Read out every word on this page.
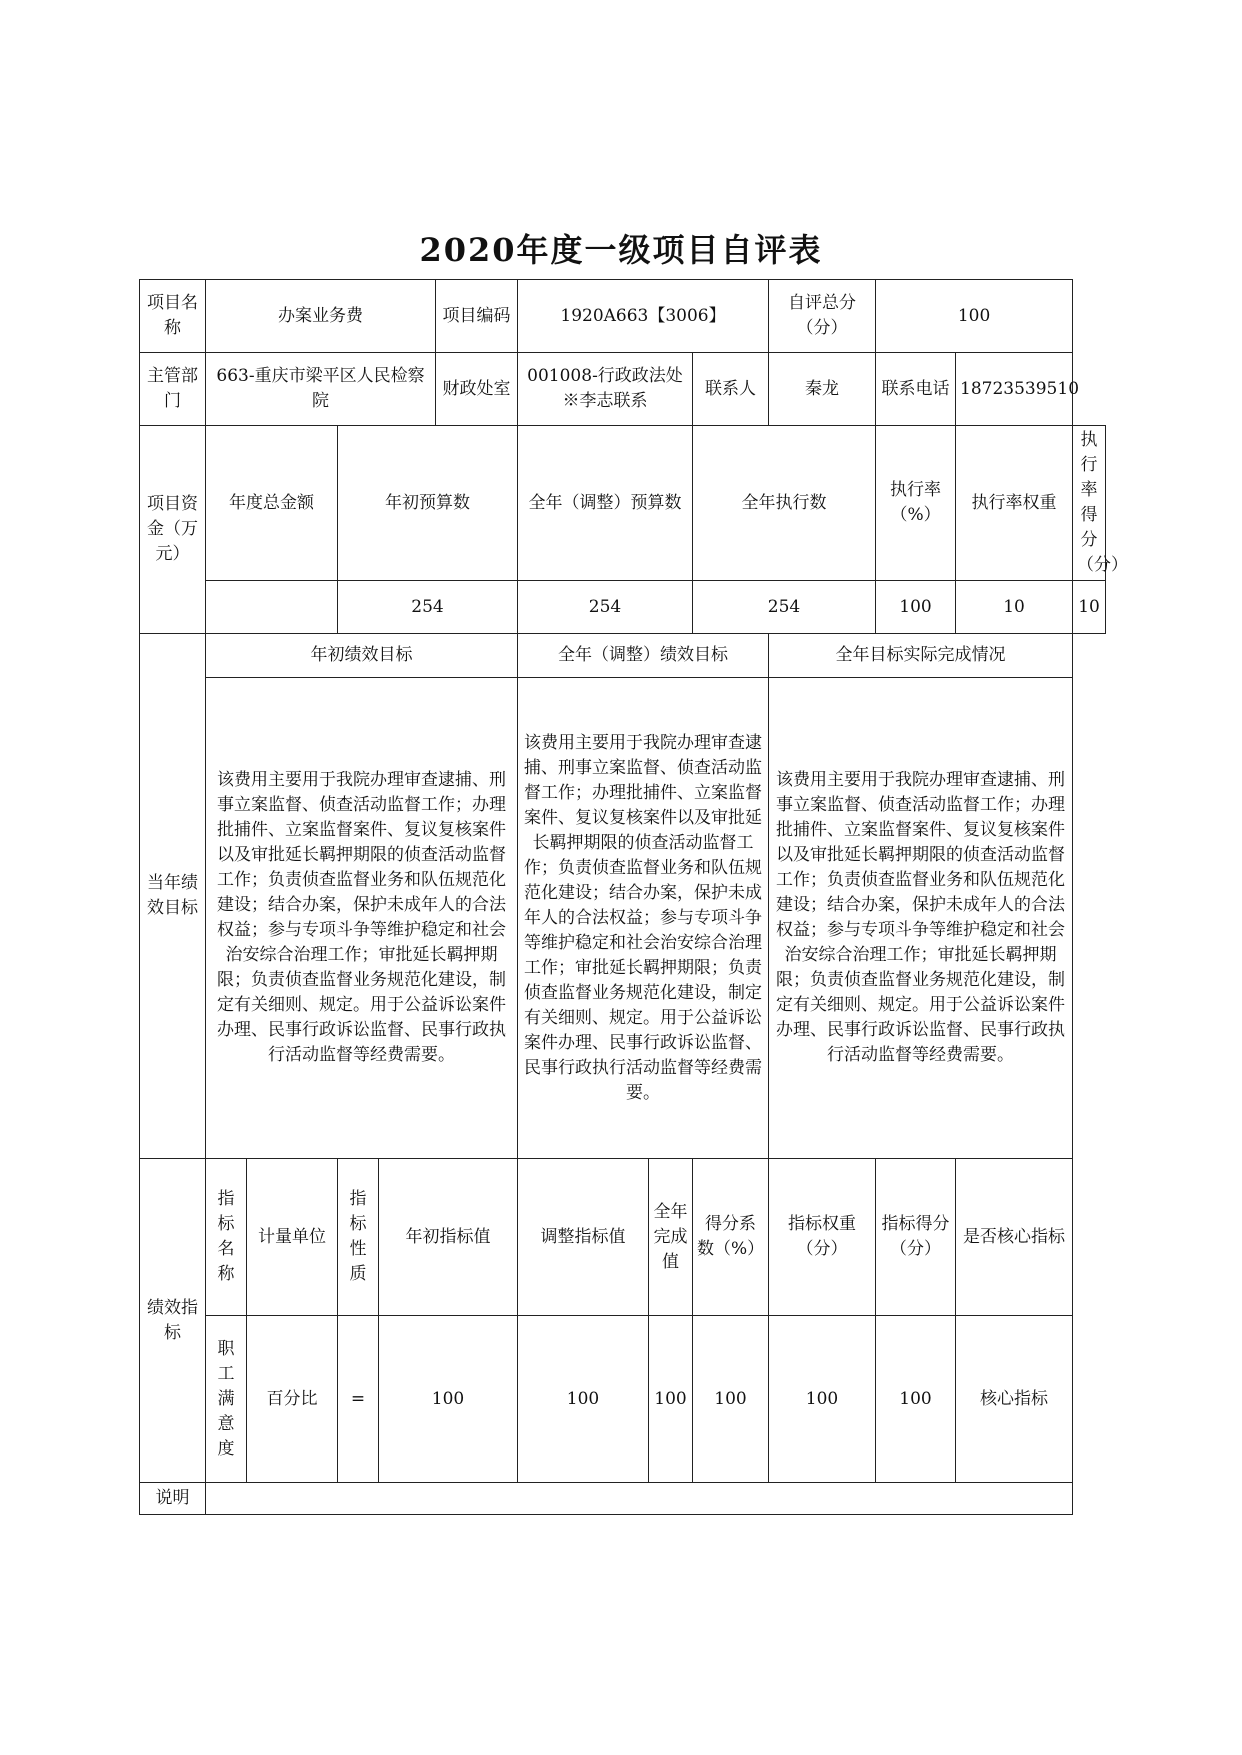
2020年度一级项目自评表
项目名称	办案业务费				项目编码	1920A663【3006】			自评总分（分）	100		
主管部门	663-重庆市梁平区人民检察院				财政处室	001008-行政政法处※李志联系		联系人	秦龙	联系电话	18723539510	
项目资金（万元）	年度总金额		年初预算数			全年（调整）预算数		全年执行数		执行率（%）	执行率权重	执行率得分（分）
			254			254		254		100	10	10
当年绩效目标	年初绩效目标					全年（调整）绩效目标			全年目标实际完成情况			
	该费用主要用于我院办理审查逮捕、刑事立案监督、侦查活动监督工作；办理批捕件、立案监督案件、复议复核案件以及审批延长羁押期限的侦查活动监督工作；负责侦查监督业务和队伍规范化建设；结合办案，保护未成年人的合法权益；参与专项斗争等维护稳定和社会治安综合治理工作；审批延长羁押期限；负责侦查监督业务规范化建设，制定有关细则、规定。用于公益诉讼案件办理、民事行政诉讼监督、民事行政执行活动监督等经费需要。					该费用主要用于我院办理审查逮捕、刑事立案监督、侦查活动监督工作；办理批捕件、立案监督案件、复议复核案件以及审批延长羁押期限的侦查活动监督工作；负责侦查监督业务和队伍规范化建设；结合办案，保护未成年人的合法权益；参与专项斗争等维护稳定和社会治安综合治理工作；审批延长羁押期限；负责侦查监督业务规范化建设，制定有关细则、规定。用于公益诉讼案件办理、民事行政诉讼监督、民事行政执行活动监督等经费需要。			该费用主要用于我院办理审查逮捕、刑事立案监督、侦查活动监督工作；办理批捕件、立案监督案件、复议复核案件以及审批延长羁押期限的侦查活动监督工作；负责侦查监督业务和队伍规范化建设；结合办案，保护未成年人的合法权益；参与专项斗争等维护稳定和社会治安综合治理工作；审批延长羁押期限；负责侦查监督业务规范化建设，制定有关细则、规定。用于公益诉讼案件办理、民事行政诉讼监督、民事行政执行活动监督等经费需要。			
绩效指标	指标名称	计量单位	指标性质	年初指标值		调整指标值	全年完成值	得分系数（%）	指标权重（分）	指标得分（分）	是否核心指标	
	职工满意度	百分比	=	100		100	100	100	100	100	核心指标	
说明												
